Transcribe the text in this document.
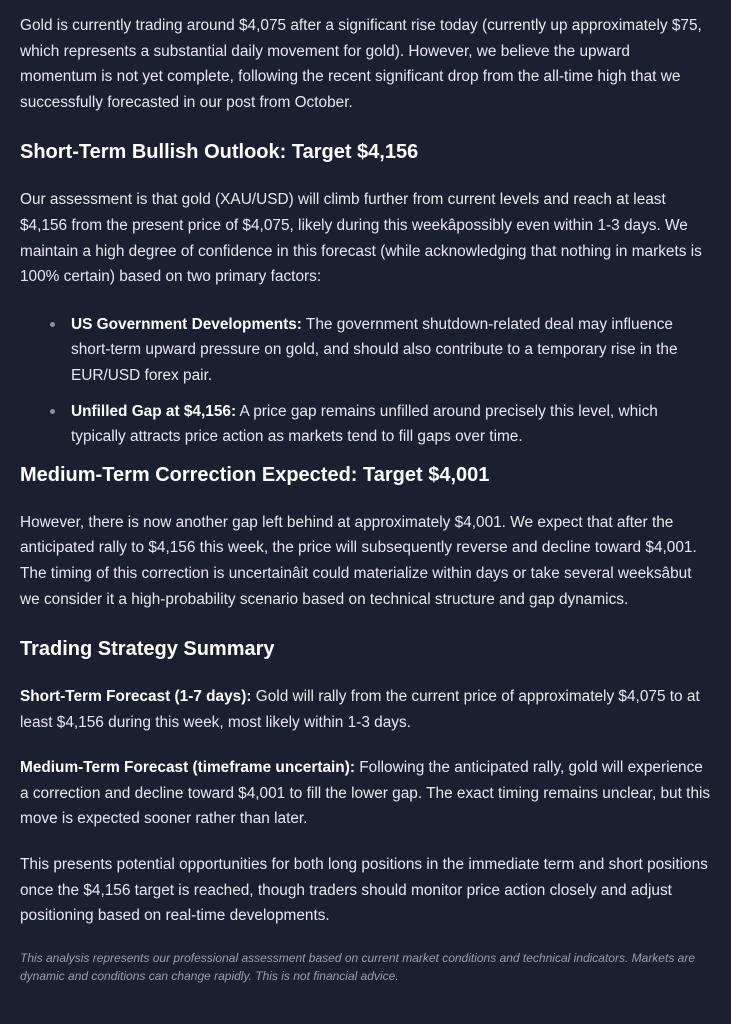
Gold is currently trading around $4,075 after a significant rise today (currently up approximately $75, which represents a substantial daily movement for gold). However, we believe the upward momentum is not yet complete, following the recent significant drop from the all-time high that we successfully forecasted in our post from October.

Short-Term Bullish Outlook: Target $4,156

Our assessment is that gold (XAU/USD) will climb further from current levels and reach at least $4,156 from the present price of $4,075, likely during this weekâpossibly even within 1-3 days. We maintain a high degree of confidence in this forecast (while acknowledging that nothing in markets is 100% certain) based on two primary factors:

US Government Developments: The government shutdown-related deal may influence short-term upward pressure on gold, and should also contribute to a temporary rise in the EUR/USD forex pair.
Unfilled Gap at $4,156: A price gap remains unfilled around precisely this level, which typically attracts price action as markets tend to fill gaps over time.
Medium-Term Correction Expected: Target $4,001

However, there is now another gap left behind at approximately $4,001. We expect that after the anticipated rally to $4,156 this week, the price will subsequently reverse and decline toward $4,001. The timing of this correction is uncertainâit could materialize within days or take several weeksâbut we consider it a high-probability scenario based on technical structure and gap dynamics.

Trading Strategy Summary

Short-Term Forecast (1-7 days): Gold will rally from the current price of approximately $4,075 to at least $4,156 during this week, most likely within 1-3 days.

Medium-Term Forecast (timeframe uncertain): Following the anticipated rally, gold will experience a correction and decline toward $4,001 to fill the lower gap. The exact timing remains unclear, but this move is expected sooner rather than later.

This presents potential opportunities for both long positions in the immediate term and short positions once the $4,156 target is reached, though traders should monitor price action closely and adjust positioning based on real-time developments.

This analysis represents our professional assessment based on current market conditions and technical indicators. Markets are dynamic and conditions can change rapidly. This is not financial advice.
